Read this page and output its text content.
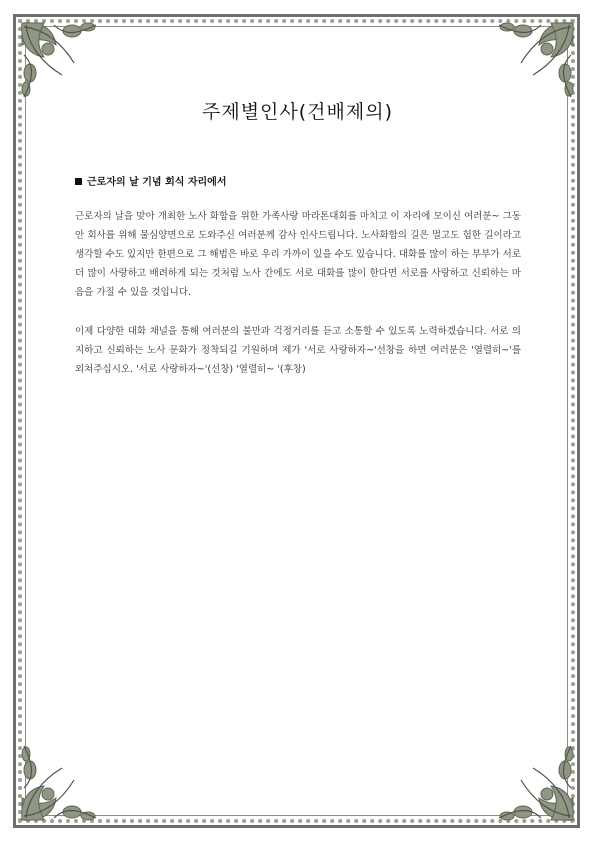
주제별인사(건배제의)
근로자의 날 기념 회식 자리에서
근로자의 날을 맞아 개최한 노사 화합을 위한 가족사랑 마라톤대회를 마치고 이 자리에 모이신 여러분~ 그동안 회사를 위해 물심양면으로 도와주신 여러분께 감사 인사드립니다. 노사화합의 길은 멀고도 험한 길이라고 생각할 수도 있지만 한편으로 그 해법은 바로 우리 가까이 있을 수도 있습니다. 대화를 많이 하는 부부가 서로 더 많이 사랑하고 배려하게 되는 것처럼 노사 간에도 서로 대화를 많이 한다면 서로를 사랑하고 신뢰하는 마음을 가질 수 있을 것입니다.
이제 다양한 대화 채널을 통해 여러분의 불만과 걱정거리를 듣고 소통할 수 있도록 노력하겠습니다. 서로 의지하고 신뢰하는 노사 문화가 정착되길 기원하며 제가 '서로 사랑하자~'선창을 하면 여러분은 '열렬히~'를 외쳐주십시오. '서로 사랑하자~'(선창) '열렬히~ '(후창)
